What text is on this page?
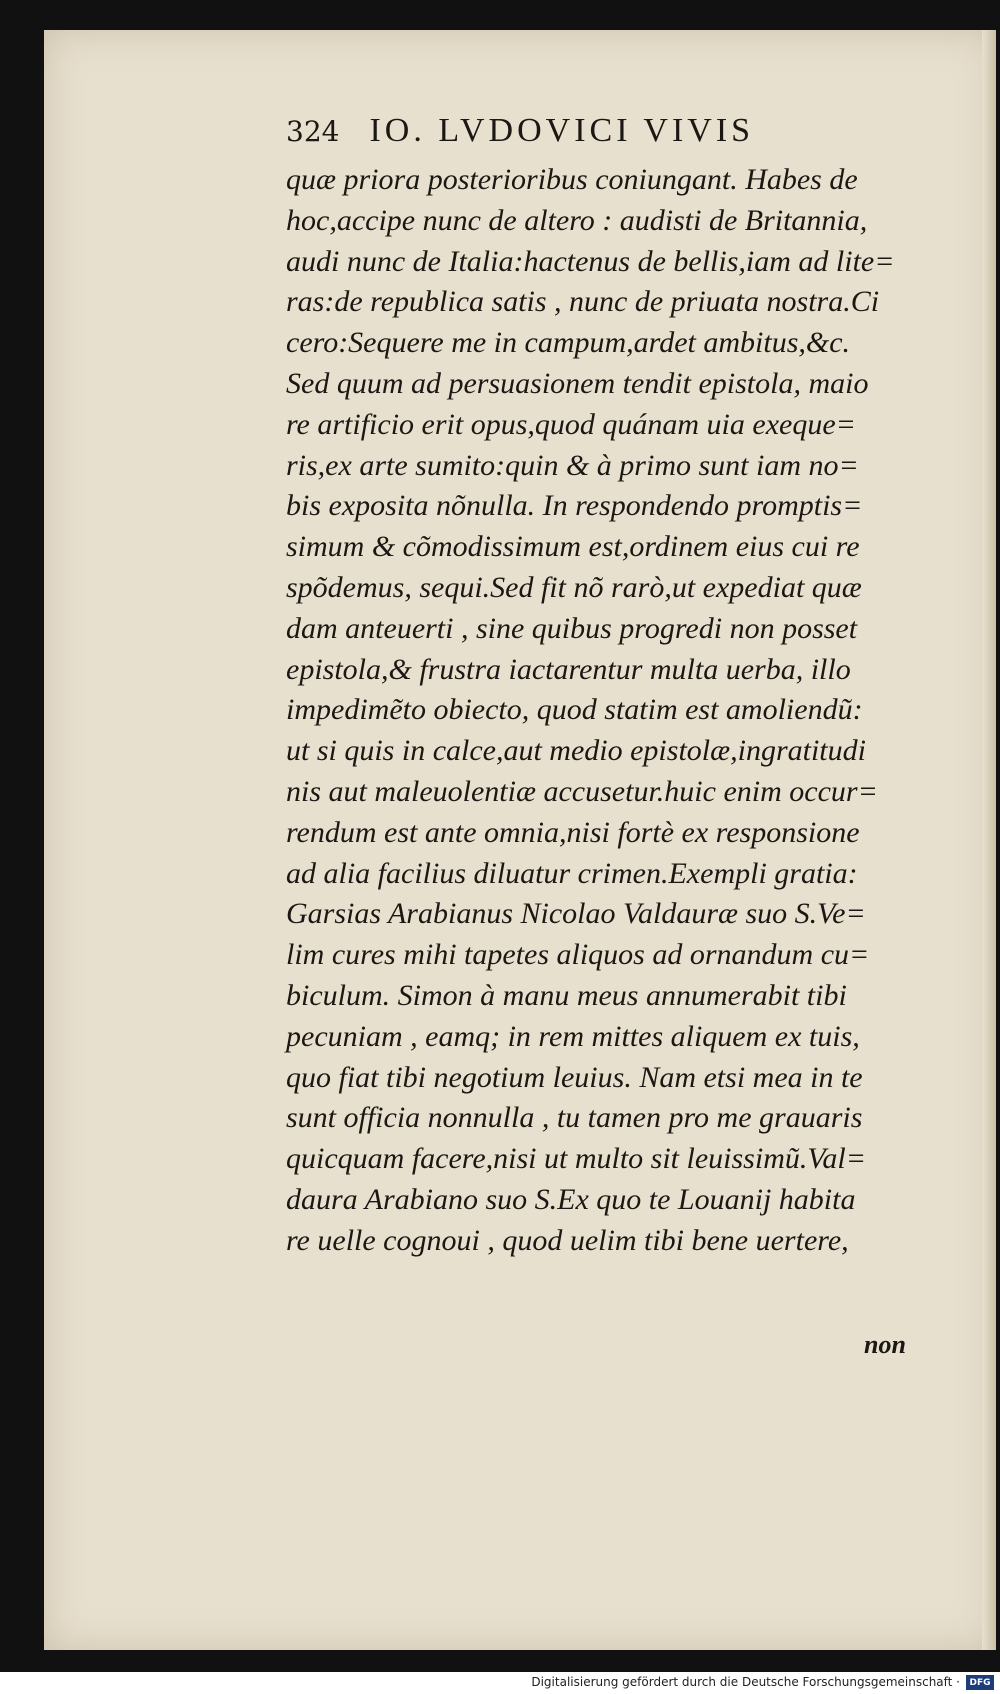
324 IO. LVDOVICI VIVIS
quæ priora posterioribus coniungant. Habes de
hoc,accipe nunc de altero : audisti de Britannia,
audi nunc de Italia:hactenus de bellis,iam ad lite=
ras:de republica satis , nunc de priuata nostra.Ci
cero:Sequere me in campum,ardet ambitus,&c.
Sed quum ad persuasionem tendit epistola, maio
re artificio erit opus,quod quánam uia exeque=
ris,ex arte sumito:quin & à primo sunt iam no=
bis exposita nõnulla. In respondendo promptis=
simum & cõmodissimum est,ordinem eius cui re
spõdemus, sequi.Sed fit nõ rarò,ut expediat quæ
dam anteuerti , sine quibus progredi non posset
epistola,& frustra iactarentur multa uerba, illo
impedimẽto obiecto, quod statim est amoliendũ:
ut si quis in calce,aut medio epistolæ,ingratitudi
nis aut maleuolentiæ accusetur.huic enim occur=
rendum est ante omnia,nisi fortè ex responsione
ad alia facilius diluatur crimen.Exempli gratia:
Garsias Arabianus Nicolao Valdauræ suo S.Ve=
lim cures mihi tapetes aliquos ad ornandum cu=
biculum. Simon à manu meus annumerabit tibi
pecuniam , eamq; in rem mittes aliquem ex tuis,
quo fiat tibi negotium leuius. Nam etsi mea in te
sunt officia nonnulla , tu tamen pro me grauaris
quicquam facere,nisi ut multo sit leuissimũ.Val=
daura Arabiano suo S.Ex quo te Louanij habita
re uelle cognoui , quod uelim tibi bene uertere,
non
Digitalisierung gefördert durch die Deutsche Forschungsgemeinschaft ·	DFG
